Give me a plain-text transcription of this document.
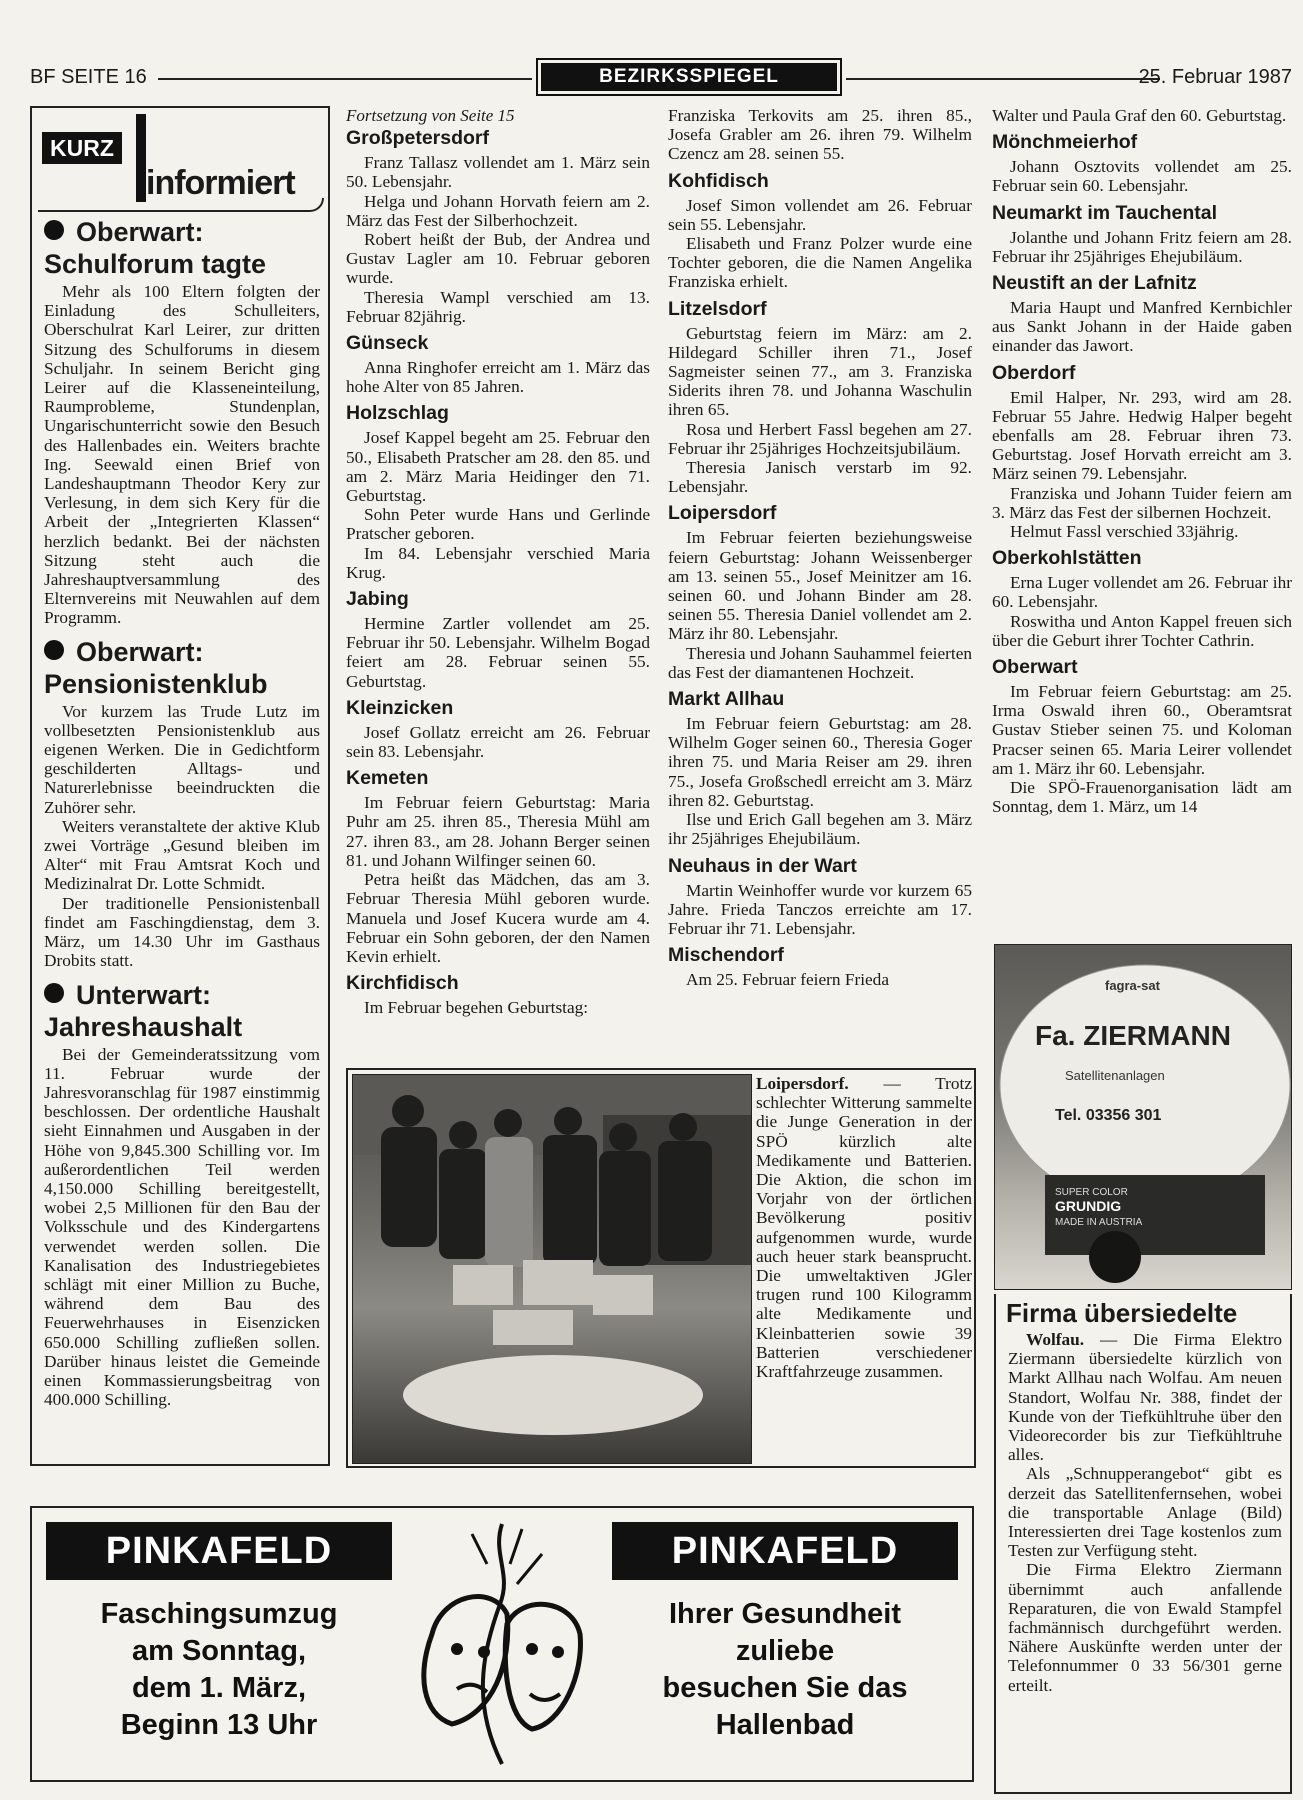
BF SEITE 16	BEZIRKSSPIEGEL	25. Februar 1987
KURZ
informiert
Oberwart: Schulforum tagte
Mehr als 100 Eltern folgten der Einladung des Schulleiters, Oberschulrat Karl Leirer, zur dritten Sitzung des Schulforums in diesem Schuljahr. In seinem Bericht ging Leirer auf die Klasseneinteilung, Raumprobleme, Stundenplan, Ungarischunterricht sowie den Besuch des Hallenbades ein. Weiters brachte Ing. Seewald einen Brief von Landeshauptmann Theodor Kery zur Verlesung, in dem sich Kery für die Arbeit der „Integrierten Klassen“ herzlich bedankt. Bei der nächsten Sitzung steht auch die Jahreshauptversammlung des Elternvereins mit Neuwahlen auf dem Programm.
Oberwart: Pensionistenklub
Vor kurzem las Trude Lutz im vollbesetzten Pensionistenklub aus eigenen Werken. Die in Gedichtform geschilderten Alltags- und Naturerlebnisse beeindruckten die Zuhörer sehr.
Weiters veranstaltete der aktive Klub zwei Vorträge „Gesund bleiben im Alter“ mit Frau Amtsrat Koch und Medizinalrat Dr. Lotte Schmidt.
Der traditionelle Pensionistenball findet am Faschingdienstag, dem 3. März, um 14.30 Uhr im Gasthaus Drobits statt.
Unterwart: Jahreshaushalt
Bei der Gemeinderatssitzung vom 11. Februar wurde der Jahresvoranschlag für 1987 einstimmig beschlossen. Der ordentliche Haushalt sieht Einnahmen und Ausgaben in der Höhe von 9,845.300 Schilling vor. Im außerordentlichen Teil werden 4,150.000 Schilling bereitgestellt, wobei 2,5 Millionen für den Bau der Volksschule und des Kindergartens verwendet werden sollen. Die Kanalisation des Industriegebietes schlägt mit einer Million zu Buche, während dem Bau des Feuerwehrhauses in Eisenzicken 650.000 Schilling zufließen sollen. Darüber hinaus leistet die Gemeinde einen Kommassierungsbeitrag von 400.000 Schilling.
Fortsetzung von Seite 15
Großpetersdorf
Franz Tallasz vollendet am 1. März sein 50. Lebensjahr.
Helga und Johann Horvath feiern am 2. März das Fest der Silberhochzeit.
Robert heißt der Bub, der Andrea und Gustav Lagler am 10. Februar geboren wurde.
Theresia Wampl verschied am 13. Februar 82jährig.
Günseck
Anna Ringhofer erreicht am 1. März das hohe Alter von 85 Jahren.
Holzschlag
Josef Kappel begeht am 25. Februar den 50., Elisabeth Pratscher am 28. den 85. und am 2. März Maria Heidinger den 71. Geburtstag.
Sohn Peter wurde Hans und Gerlinde Pratscher geboren.
Im 84. Lebensjahr verschied Maria Krug.
Jabing
Hermine Zartler vollendet am 25. Februar ihr 50. Lebensjahr. Wilhelm Bogad feiert am 28. Februar seinen 55. Geburtstag.
Kleinzicken
Josef Gollatz erreicht am 26. Februar sein 83. Lebensjahr.
Kemeten
Im Februar feiern Geburtstag: Maria Puhr am 25. ihren 85., Theresia Mühl am 27. ihren 83., am 28. Johann Berger seinen 81. und Johann Wilfinger seinen 60.
Petra heißt das Mädchen, das am 3. Februar Theresia Mühl geboren wurde. Manuela und Josef Kucera wurde am 4. Februar ein Sohn geboren, der den Namen Kevin erhielt.
Kirchfidisch
Im Februar begehen Geburtstag:
Franziska Terkovits am 25. ihren 85., Josefa Grabler am 26. ihren 79. Wilhelm Czencz am 28. seinen 55.
Kohfidisch
Josef Simon vollendet am 26. Februar sein 55. Lebensjahr.
Elisabeth und Franz Polzer wurde eine Tochter geboren, die die Namen Angelika Franziska erhielt.
Litzelsdorf
Geburtstag feiern im März: am 2. Hildegard Schiller ihren 71., Josef Sagmeister seinen 77., am 3. Franziska Siderits ihren 78. und Johanna Waschulin ihren 65.
Rosa und Herbert Fassl begehen am 27. Februar ihr 25jähriges Hochzeitsjubiläum.
Theresia Janisch verstarb im 92. Lebensjahr.
Loipersdorf
Im Februar feierten beziehungsweise feiern Geburtstag: Johann Weissenberger am 13. seinen 55., Josef Meinitzer am 16. seinen 60. und Johann Binder am 28. seinen 55. Theresia Daniel vollendet am 2. März ihr 80. Lebensjahr.
Theresia und Johann Sauhammel feierten das Fest der diamantenen Hochzeit.
Markt Allhau
Im Februar feiern Geburtstag: am 28. Wilhelm Goger seinen 60., Theresia Goger ihren 75. und Maria Reiser am 29. ihren 75., Josefa Großschedl erreicht am 3. März ihren 82. Geburtstag.
Ilse und Erich Gall begehen am 3. März ihr 25jähriges Ehejubiläum.
Neuhaus in der Wart
Martin Weinhoffer wurde vor kurzem 65 Jahre. Frieda Tanczos erreichte am 17. Februar ihr 71. Lebensjahr.
Mischendorf
Am 25. Februar feiern Frieda
Walter und Paula Graf den 60. Geburtstag.
Mönchmeierhof
Johann Osztovits vollendet am 25. Februar sein 60. Lebensjahr.
Neumarkt im Tauchental
Jolanthe und Johann Fritz feiern am 28. Februar ihr 25jähriges Ehejubiläum.
Neustift an der Lafnitz
Maria Haupt und Manfred Kernbichler aus Sankt Johann in der Haide gaben einander das Jawort.
Oberdorf
Emil Halper, Nr. 293, wird am 28. Februar 55 Jahre. Hedwig Halper begeht ebenfalls am 28. Februar ihren 73. Geburtstag. Josef Horvath erreicht am 3. März seinen 79. Lebensjahr.
Franziska und Johann Tuider feiern am 3. März das Fest der silbernen Hochzeit.
Helmut Fassl verschied 33jährig.
Oberkohlstätten
Erna Luger vollendet am 26. Februar ihr 60. Lebensjahr.
Roswitha und Anton Kappel freuen sich über die Geburt ihrer Tochter Cathrin.
Oberwart
Im Februar feiern Geburtstag: am 25. Irma Oswald ihren 60., Oberamtsrat Gustav Stieber seinen 75. und Koloman Pracser seinen 65. Maria Leirer vollendet am 1. März ihr 60. Lebensjahr.
Die SPÖ-Frauenorganisation lädt am Sonntag, dem 1. März, um 14
Loipersdorf. — Trotz schlechter Witterung sammelte die Junge Generation in der SPÖ kürzlich alte Medikamente und Batterien. Die Aktion, die schon im Vorjahr von der örtlichen Bevölkerung positiv aufgenommen wurde, wurde auch heuer stark beansprucht. Die umweltaktiven JGler trugen rund 100 Kilogramm alte Medikamente und Kleinbatterien sowie 39 Batterien verschiedener Kraftfahrzeuge zusammen.
fagra-sat
Fa. ZIERMANN
Satellitenanlagen
Tel. 03356 301
SUPER COLOR
GRUNDIG
MADE IN AUSTRIA
Firma übersiedelte
Wolfau. — Die Firma Elektro Ziermann übersiedelte kürzlich von Markt Allhau nach Wolfau. Am neuen Standort, Wolfau Nr. 388, findet der Kunde von der Tiefkühltruhe über den Videorecorder bis zur Tiefkühltruhe alles.
Als „Schnupperangebot“ gibt es derzeit das Satellitenfernsehen, wobei die transportable Anlage (Bild) Interessierten drei Tage kostenlos zum Testen zur Verfügung steht.
Die Firma Elektro Ziermann übernimmt auch anfallende Reparaturen, die von Ewald Stampfel fachmännisch durchgeführt werden. Nähere Auskünfte werden unter der Telefonnummer 0 33 56/301 gerne erteilt.
PINKAFELD
Faschingsumzug
am Sonntag,
dem 1. März,
Beginn 13 Uhr
PINKAFELD
Ihrer Gesundheit
zuliebe
besuchen Sie das
Hallenbad
